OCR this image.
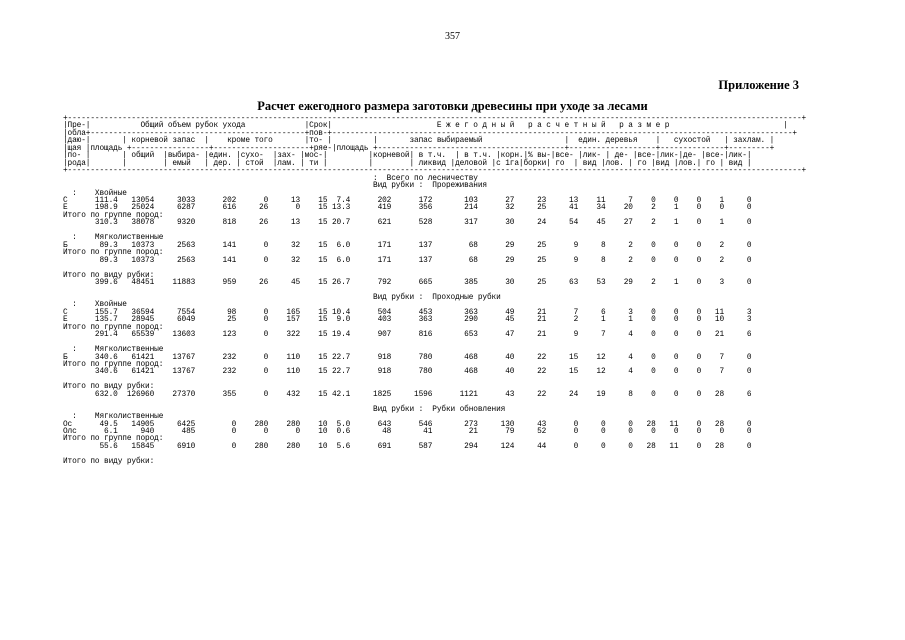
357
Приложение 3
Расчет ежегодного размера заготовки древесины при уходе за лесами
+-----------------------------------------------------------------------------------------------------------------------------------------------------------------+
|Пре-|           Общий объем рубок ухода             |Срок|                       Е ж е г о д н ы й   р а с ч е т н ы й   р а з м е р                         |
|обла+-----------------------------------------------+пов-+-----------------------------------------------------------------------------------------------------+
|даю-|       | корневой запас  |    кроме того       |то- |         |       запас выбираемый                  |  един. деревья    |   сухостой   | захлам. |
|щая |площадь +-----------------+---------------------+ряе-|площадь +-----------------------------------------+-------------------+--------------+---------+
|по- |       | общий  |выбира- |един. |сухо-  |зах- |мос-|         |корневой| в т.ч.  | в т.ч. |корн.|% вы-|все- |лик- | де- |все-|лик-|де- |все-|лик-|
|рода|       |        | емый   | дер. | стой  |лам. | ти |         |        | ликвид |деловой |с 1га|борки| го  | вид |лов. | го |вид |лов.| го | вид |
+-----------------------------------------------------------------------------------------------------------------------------------------------------------------+
:  Всего по лесничеству
Вид рубки :  Прореживания
:    Хвойные
С      111.4   13054     3033      202      0     13    15  7.4      202      172       103      27     23     13    11     7    0    0    0    1     0
Е      198.9   25024     6287      616     26      0    15 13.3      419      356       214      32     25     41    34    20    2    1    0    0     0
Итого по группе пород:
310.3   38078     9320      818     26     13    15 20.7      621      528       317      30     24     54    45    27    2    1    0    1     0

:    Мягколиственные
Б       89.3   10373     2563      141      0     32    15  6.0      171      137        68      29     25      9     8     2    0    0    0    2     0
Итого по группе пород:
89.3   10373     2563      141      0     32    15  6.0      171      137        68      29     25      9     8     2    0    0    0    2     0

Итого по виду рубки:
399.6   48451    11883      959     26     45    15 26.7      792      665       385      30     25     63    53    29    2    1    0    3     0

Вид рубки :  Проходные рубки
:    Хвойные
С      155.7   36594     7554       98      0    165    15 10.4      504      453       363      49     21      7     6     3    0    0    0   11     3
Е      135.7   28945     6049       25      0    157    15  9.0      403      363       290      45     21      2     1     1    0    0    0   10     3
Итого по группе пород:
291.4   65539    13603      123      0    322    15 19.4      907      816       653      47     21      9     7     4    0    0    0   21     6

:    Мягколиственные
Б      340.6   61421    13767      232      0    110    15 22.7      918      780       468      40     22     15    12     4    0    0    0    7     0
Итого по группе пород:
340.6   61421    13767      232      0    110    15 22.7      918      780       468      40     22     15    12     4    0    0    0    7     0

Итого по виду рубки:
632.0  126960    27370      355      0    432    15 42.1     1825     1596      1121      43     22     24    19     8    0    0    0   28     6

Вид рубки :  Рубки обновления
:    Мягколиственные
Ос      49.5   14905     6425        0    280    280    10  5.0      643      546       273     130     43      0     0     0   28   11    0   28     0
Олс      6.1     940      485        0      0      0    10  0.6       48       41        21      79     52      0     0     0    0    0    0    0     0
Итого по группе пород:
55.6   15845     6910        0    280    280    10  5.6      691      587       294     124     44      0     0     0   28   11    0   28     0

Итого по виду рубки:
